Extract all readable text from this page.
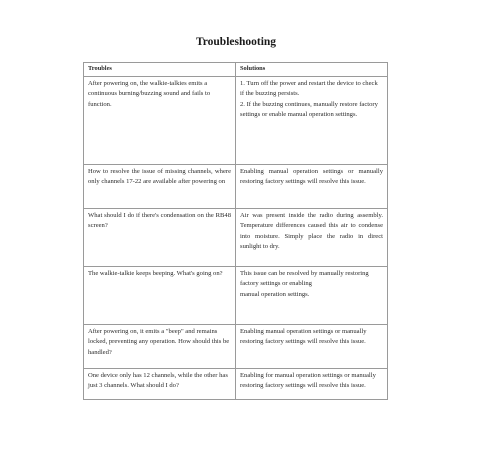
Troubleshooting
Troubles	Solutions

After powering on, the walkie-talkies emits a continuous burning/buzzing sound and fails to function.	1. Turn off the power and restart the device to check if the buzzing persists.
2. If the buzzing continues, manually restore factory settings or enable manual operation settings.

How to resolve the issue of missing channels, where only channels 17-22 are available after powering on	Enabling manual operation settings or manually restoring factory settings will resolve this issue.

What should I do if there's condensation on the RB48 screen?	Air was present inside the radio during assembly. Temperature differences caused this air to condense into moisture. Simply place the radio in direct sunlight to dry.

The walkie-talkie keeps beeping. What's going on?	This issue can be resolved by manually restoring factory settings or enabling
manual operation settings.

After powering on, it emits a "beep" and remains locked, preventing any operation. How should this be handled?	Enabling manual operation settings or manually restoring factory settings will resolve this issue.

One device only has 12 channels, while the other has just 3 channels. What should I do?	Enabling for manual operation settings or manually restoring factory settings will resolve this issue.
